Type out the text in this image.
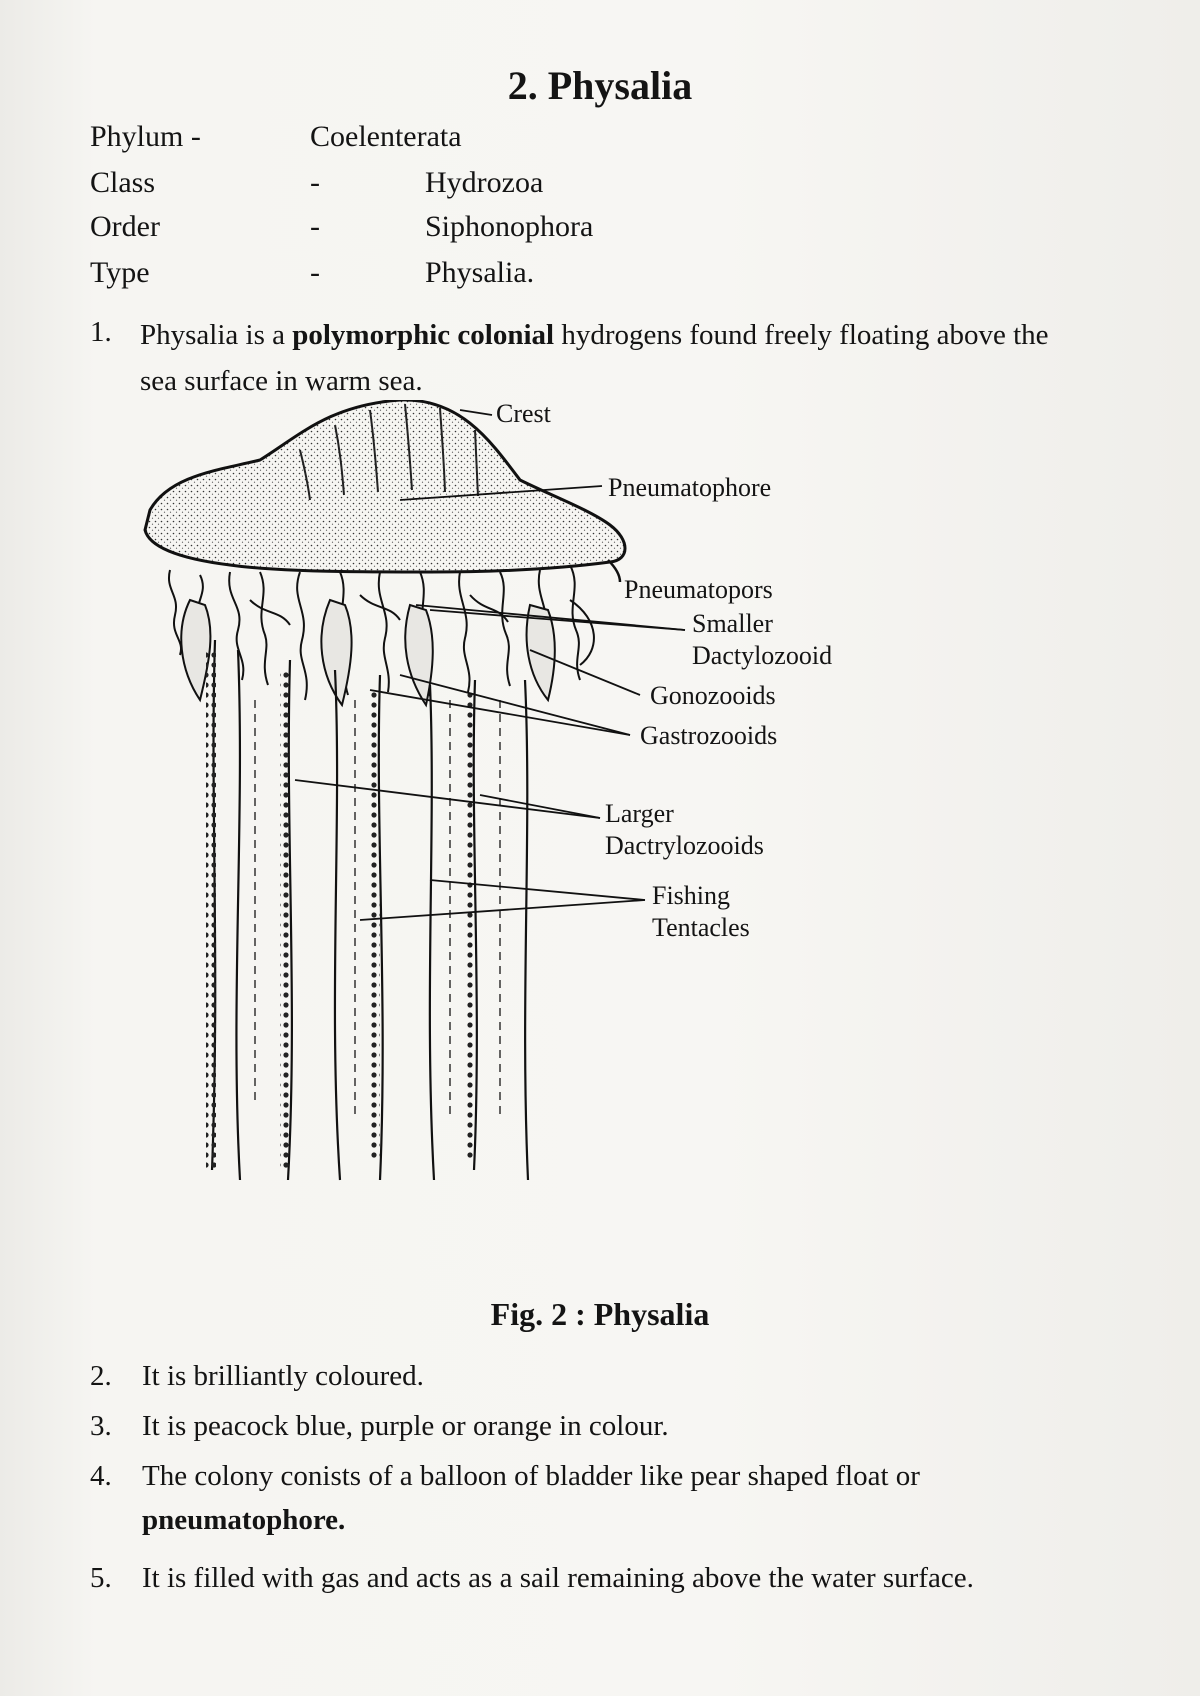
2. Physalia
Phylum -	Coelenterata
Class	-	Hydrozoa
Order	-	Siphonophora
Type	-	Physalia.
1. Physalia is a polymorphic colonial hydrogens found freely floating above the sea surface in warm sea.
Crest
Pneumatophore
Pneumatopors
Smaller
Dactylozooid
Gonozooids
Gastrozooids
Larger
Dactrylozooids
Fishing
Tentacles
Fig. 2 : Physalia
2. It is brilliantly coloured.
3. It is peacock blue, purple or orange in colour.
4. The colony conists of a balloon of bladder like pear shaped float or
pneumatophore.
5. It is filled with gas and acts as a sail remaining above the water surface.
